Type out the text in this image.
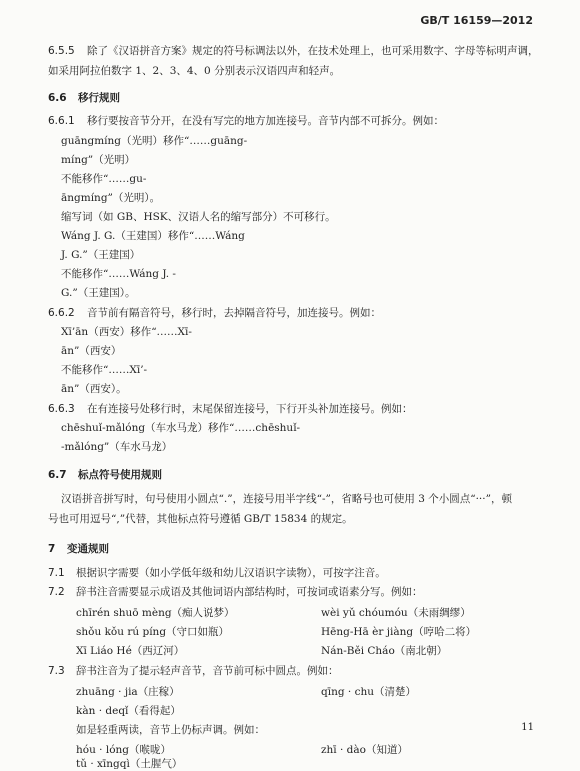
GB/T 16159—2012
6.5.5 除了《汉语拼音方案》规定的符号标调法以外，在技术处理上，也可采用数字、字母等标明声调，
如采用阿拉伯数字 1、2、3、4、0 分别表示汉语四声和轻声。
6.6 移行规则
6.6.1 移行要按音节分开，在没有写完的地方加连接号。音节内部不可拆分。例如：
guāngmíng（光明）移作“……guāng-
míng”（光明）
不能移作“……gu-
āngmíng”（光明）。
缩写词（如 GB、HSK、汉语人名的缩写部分）不可移行。
Wáng J. G.（王建国）移作“……Wáng
J. G.”（王建国）
不能移作“……Wáng J. -
G.”（王建国）。
6.6.2 音节前有隔音符号，移行时，去掉隔音符号，加连接号。例如：
Xī’ān（西安）移作“……Xī-
ān”（西安）
不能移作“……Xī’-
ān”（西安）。
6.6.3 在有连接号处移行时，末尾保留连接号，下行开头补加连接号。例如：
chēshuǐ-mǎlóng（车水马龙）移作“……chēshuǐ-
-mǎlóng”（车水马龙）
6.7 标点符号使用规则
汉语拼音拼写时，句号使用小圆点“.”，连接号用半字线“-”，省略号也可使用 3 个小圆点“···”，顿
号也可用逗号“,”代替，其他标点符号遵循 GB/T 15834 的规定。
7 变通规则
7.1 根据识字需要（如小学低年级和幼儿汉语识字读物），可按字注音。
7.2 辞书注音需要显示成语及其他词语内部结构时，可按词或语素分写。例如：
chīrén shuō mèng（痴人说梦）	wèi yǔ chóumóu（未雨绸缪）
shǒu kǒu rú píng（守口如瓶）	Hēng-Hā èr jiàng（哼哈二将）
Xī Liáo Hé（西辽河）	Nán-Běi Cháo（南北朝）
7.3 辞书注音为了提示轻声音节，音节前可标中圆点。例如：
zhuāng · jia（庄稼）	qīng · chu（清楚）
kàn · deqǐ（看得起）
如是轻重两读，音节上仍标声调。例如：
hóu · lóng（喉咙）	zhī · dào（知道）
tǔ · xīngqì（土腥气）
11
